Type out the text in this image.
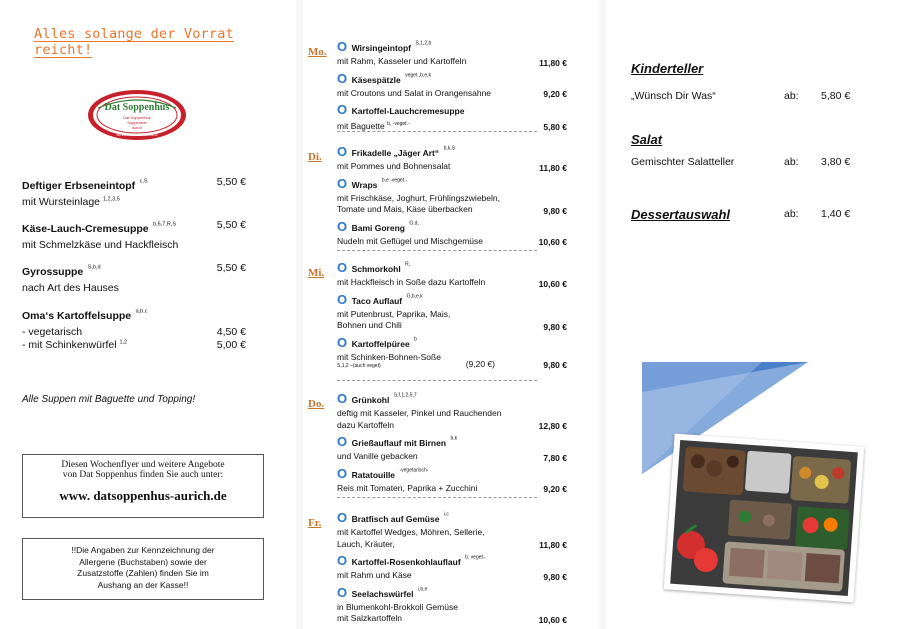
Alles solange der Vorrat reicht!
Dat Soppenhus
Dat Soppenhus
Suppenbar
Aurich
Wo Essen ein Stück Heimat ist
Deftiger Erbseneintopf $^{c,S}$
mit Wursteinlage $^{1,2,3,5}$
5,50 €
Käse-Lauch-Cremesuppe $^{b,6,7,R,S}$
mit Schmelzkäse und Hackfleisch
5,50 €
Gyrossuppe $^{S,b,d}$
nach Art des Hauses
5,50 €
Oma‘s Kartoffelsuppe $^{a,b,c}$
- vegetarisch	4,50 €
- mit Schinkenwürfel $^{1,2}$	5,00 €
Alle Suppen mit Baguette und Topping!
Diesen Wochenflyer und weitere Angebote
von Dat Soppenhus finden Sie auch unter:
www. datsoppenhus-aurich.de
!!Die Angaben zur Kennzeichnung der
Allergene (Buchstaben) sowie der
Zusatzstoffe (Zahlen) finden Sie im
Aushang an der Kasse!!
Mo. O Wirsingeintopf $^{S,1,2,b}$
mit Rahm, Kasseler und Kartoffeln	11,80 €
O Käsespätzle $^{veget.,b,e,k}$
mit Croutons und Salat in Orangensahne	9,20 €
O Kartoffel-Lauchcremesuppe
mit Baguette $^{b, -veget.-}$	5,80 €
Di. O Frikadelle „Jäger Art“ $^{b,k,S}$
mit Pommes und Bohnensalat	11,80 €
O Wraps $^{b,e -veget.-}$
mit Frischkäse, Joghurt, Frühlingszwiebeln,
Tomate und Mais, Käse überbacken	9,80 €
O Bami Goreng $^{G,d,}$
Nudeln mit Geflügel und Mischgemüse	10,60 €
Mi. O Schmorkohl $^{R,}$
mit Hackfleisch in Soße dazu Kartoffeln	10,60 €
O Taco Auflauf $^{G,b,e,k}$
mit Putenbrust, Paprika, Mais,
Bohnen und Chili	9,80 €
O Kartoffelpüree $^b$
mit Schinken-Bohnen-Soße
S,1,2 –(auch veget)	9,80 €
(9,20 €)
Do. O Grünkohl $^{S,f,1,2,5,7}$
deftig mit Kasseler, Pinkel und Rauchenden
dazu Kartoffeln	12,80 €
O Grießauflauf mit Birnen $^{b,k}$
und Vanille gebacken	7,80 €
O Ratatouille $^{-vegetarisch-}$
Reis mit Tomaten, Paprika + Zucchini	9,20 €
Fr. O Bratfisch auf Gemüse $^{i,c}$
mit Kartoffel Wedges, Möhren, Sellerie,
Lauch, Kräuter,	11,80 €
O Kartoffel-Rosenkohlauflauf $^{b, veget.-}$
mit Rahm und Käse	9,80 €
O Seelachswürfel $^{i,b,e}$
in Blumenkohl-Brokkoli Gemüse
mit Salzkartoffeln	10,60 €
Kinderteller
„Wünsch Dir Was“	ab: 5,80 €
Salat
Gemischter Salatteller	ab: 3,80 €
Dessertauswahl	ab: 1,40 €
